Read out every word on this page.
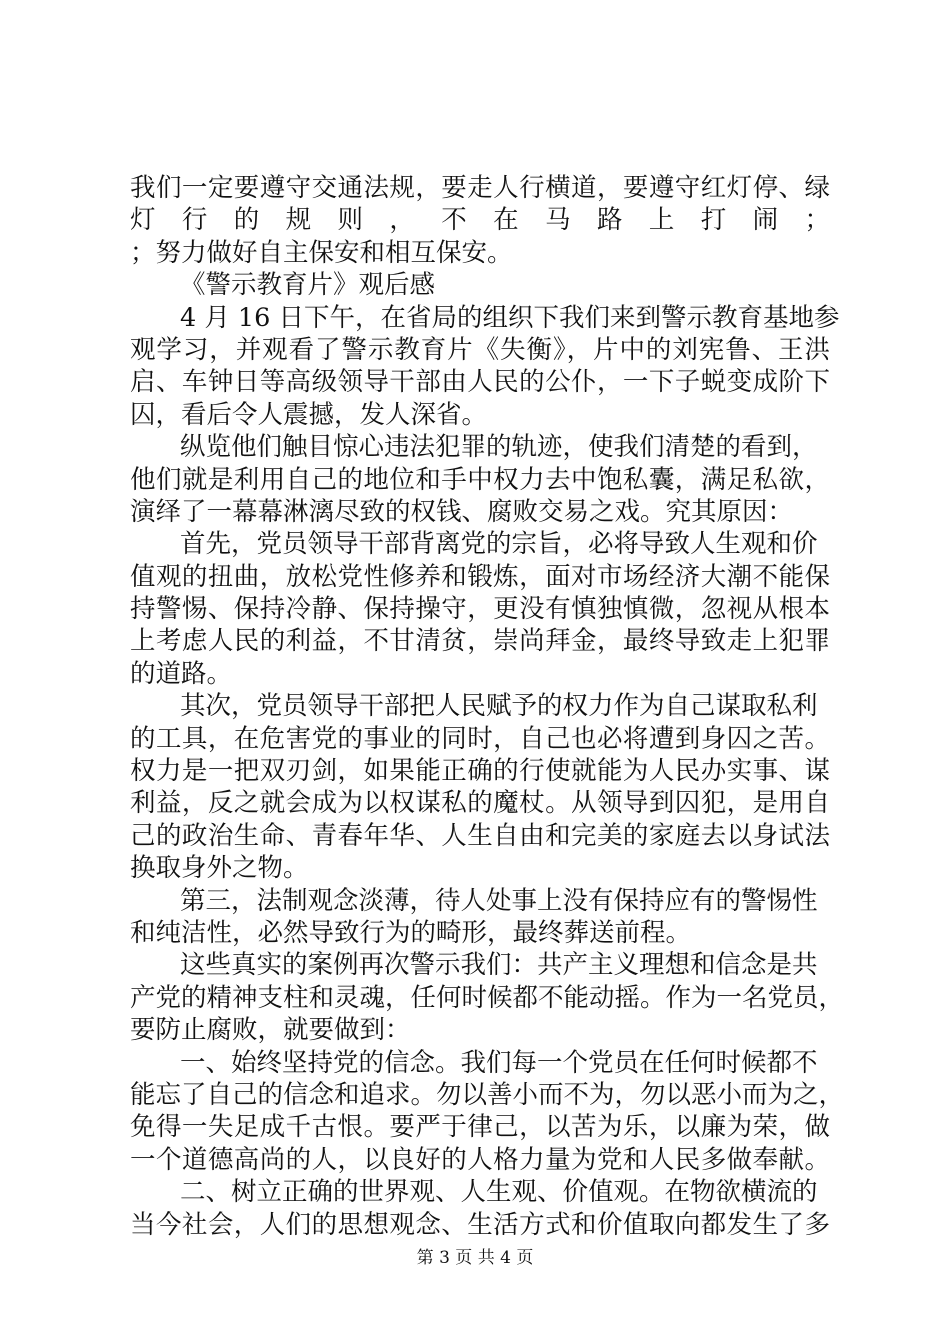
我们一定要遵守交通法规，要走人行横道，要遵守红灯停、绿
灯 行 的 规 则 ， 不 在 马 路 上 打 闹 ；
；努力做好自主保安和相互保安。
《警示教育片》观后感
4 月 16 日下午，在省局的组织下我们来到警示教育基地参
观学习，并观看了警示教育片《失衡》，片中的刘宪鲁、王洪
启、车钟日等高级领导干部由人民的公仆，一下子蜕变成阶下
囚，看后令人震撼，发人深省。
纵览他们触目惊心违法犯罪的轨迹，使我们清楚的看到，
他们就是利用自己的地位和手中权力去中饱私囊，满足私欲，
演绎了一幕幕淋漓尽致的权钱、腐败交易之戏。究其原因：
首先，党员领导干部背离党的宗旨，必将导致人生观和价
值观的扭曲，放松党性修养和锻炼，面对市场经济大潮不能保
持警惕、保持冷静、保持操守，更没有慎独慎微，忽视从根本
上考虑人民的利益，不甘清贫，崇尚拜金，最终导致走上犯罪
的道路。
其次，党员领导干部把人民赋予的权力作为自己谋取私利
的工具，在危害党的事业的同时，自己也必将遭到身囚之苦。
权力是一把双刃剑，如果能正确的行使就能为人民办实事、谋
利益，反之就会成为以权谋私的魔杖。从领导到囚犯，是用自
己的政治生命、青春年华、人生自由和完美的家庭去以身试法
换取身外之物。
第三，法制观念淡薄，待人处事上没有保持应有的警惕性
和纯洁性，必然导致行为的畸形，最终葬送前程。
这些真实的案例再次警示我们：共产主义理想和信念是共
产党的精神支柱和灵魂，任何时候都不能动摇。作为一名党员，
要防止腐败，就要做到：
一、始终坚持党的信念。我们每一个党员在任何时候都不
能忘了自己的信念和追求。勿以善小而不为，勿以恶小而为之，
免得一失足成千古恨。要严于律己，以苦为乐，以廉为荣，做
一个道德高尚的人，以良好的人格力量为党和人民多做奉献。
二、树立正确的世界观、人生观、价值观。在物欲横流的
当今社会，人们的思想观念、生活方式和价值取向都发生了多
第 3 页 共 4 页
